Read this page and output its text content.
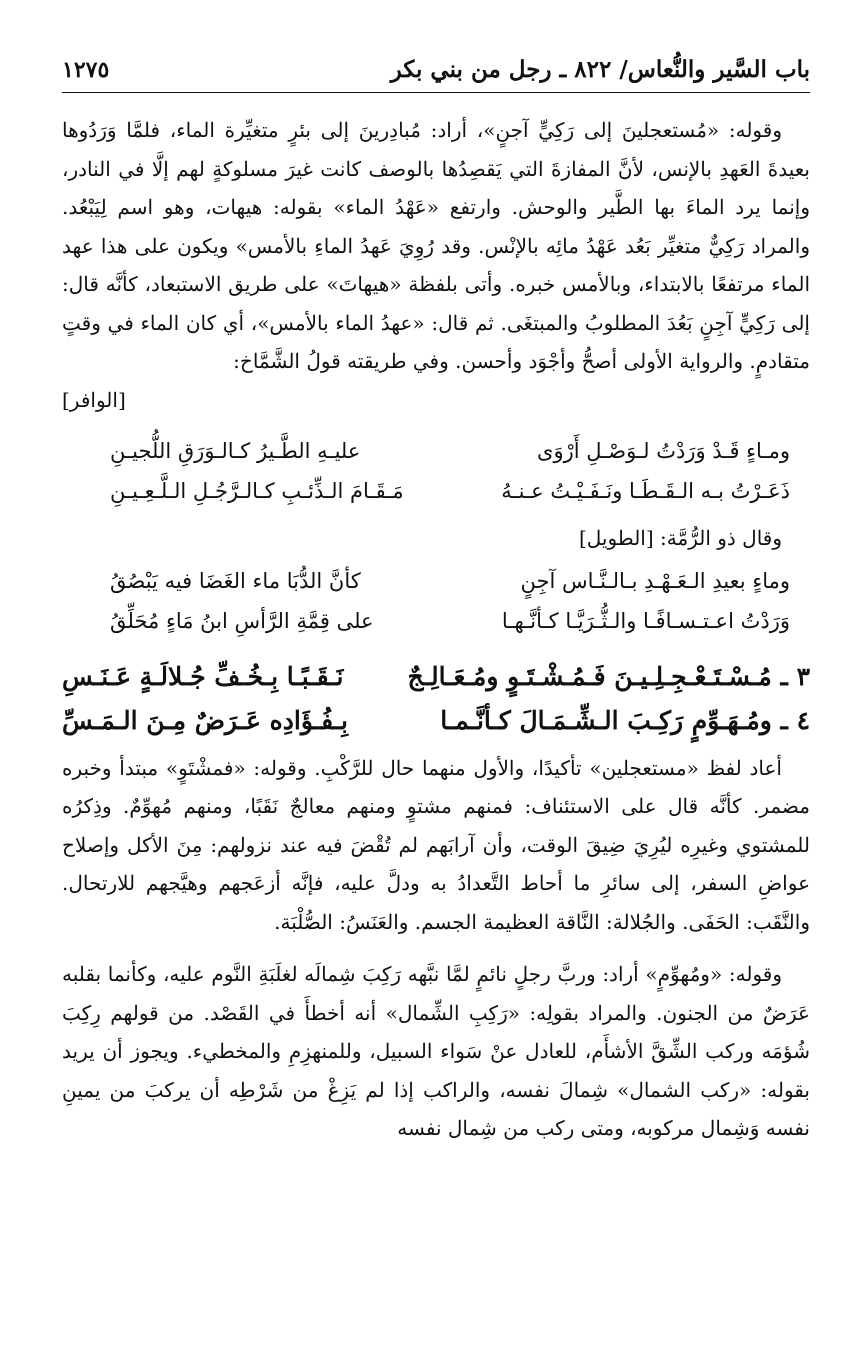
باب السَّير والنُّعاس/ ٨٢٢ ـ رجل من بني بكر
١٢٧٥

وقوله: «مُستعجلينَ إلى رَكِيٍّ آجنٍ»، أراد: مُبادِرينَ إلى بئرٍ متغيِّرة الماء، فلمَّا وَرَدُوها بعيدةَ العَهدِ بالإنس، لأنَّ المفازةَ التي يَقصِدُها بالوصف كانت غيرَ مسلوكةٍ لهم إلَّا في النادر، وإنما يرد الماءَ بها الطَّير والوحش. وارتفع «عَهْدُ الماء» بقوله: هيهات، وهو اسم لِيَبْعُد. والمراد رَكِيٌّ متغيِّر بَعُد عَهْدُ مائِه بالإنْس. وقد رُوِيَ عَهدُ الماءِ بالأمس» ويكون على هذا عهد الماء مرتفعًا بالابتداء، وبالأمس خبره. وأتى بلفظة «هيهاتَ» على طريق الاستبعاد، كأنَّه قال: إلى رَكِيٍّ آجِنٍ بَعُدَ المطلوبُ والمبتغَى. ثم قال: «عهدُ الماء بالأمس»، أي كان الماء في وقتٍ متقادمٍ. والرواية الأولى أصحُّ وأجْوَد وأحسن. وفي طريقته قولُ الشَّمَّاخ:

[الوافر]

ومـاءٍ قَـدْ وَرَدْتُ لـوَصْـلِ أَرْوَى
عليـهِ الطَّـيرُ كـالـوَرَقِ اللُّجيـنِ
ذَعَـرْتُ بـه الـقَـطَـا ونَـفَـيْـتُ عـنـهُ
مَـقَـامَ الـذِّئـبِ كـالـرَّجُـلِ الـلَّـعِـيـنِ
وقال ذو الرُّمَّة: [الطويل]
وماءٍ بعيدِ الـعَـهْـدِ بـالـنَّـاس آجِنٍ
كأنَّ الدُّبَا ماء الغَضَا فيه يَبْصُقُ
وَرَدْتُ اعـتـسـافًـا والـثُّـرَيَّـا كـأنَّـهـا
على قِمَّةِ الرَّأسِ ابنُ مَاءٍ مُحَلِّقُ
٣ ـ مُـسْـتَـعْـجِـلِـيـنَ فَـمُـشْـتَـوٍ ومُـعَـالِـجٌ
نَـقَـبًـا بِـخُـفِّ جُـلالَـةٍ عَـنَـسِ
٤ ـ ومُـهَـوِّمٍ رَكِـبَ الـشِّـمَـالَ كـأنَّـمـا
بِـفُـؤَادِه عَـرَضٌ مِـنَ الـمَـسِّ

أعاد لفظ «مستعجلين» تأكيدًا، والأول منهما حال للرَّكْبِ. وقوله: «فمشْتَوٍ» مبتدأ وخبره مضمر. كأنَّه قال على الاستئناف: فمنهم مشتوٍ ومنهم معالجٌ نَقَبًا، ومنهم مُهوِّمٌ. وذِكرُه للمشتوي وغيرِه ليُرِيَ ضِيقَ الوقت، وأن آرابَهم لم تُقْضَ فيه عند نزولهم: مِنَ الأكل وإصلاح عواضِ السفر، إلى سائرِ ما أحاط التَّعدادُ به ودلَّ عليه، فإنَّه أزعَجهم وهيَّجهم للارتحال. والنَّقَب: الحَفَى. والجُلالة: النَّاقة العظيمة الجسم. والعَنَسُ: الصُّلْبَة.

وقوله: «ومُهوِّمٍ» أراد: وربَّ رجلٍ نائمٍ لمَّا نبَّهه رَكِبَ شِمالَه لغلَبَةِ النَّوم عليه، وكأنما بقلبه عَرَضٌ من الجنون. والمراد بقولِه: «رَكِبِ الشِّمال» أنه أخطأَ في القَصْد. من قولهم رِكِبَ شُؤمَه وركب الشِّقَّ الأشأَم، للعادل عنْ سَواء السبيل، وللمنهزِمِ والمخطيء. ويجوز أن يريد بقوله: «ركب الشمال» شِمالَ نفسه، والراكب إذا لم يَزِغْ من شَرْطِه أن يركبَ من يمينِ نفسه وَشِمال مركوبه، ومتى ركب من شِمال نفسه
